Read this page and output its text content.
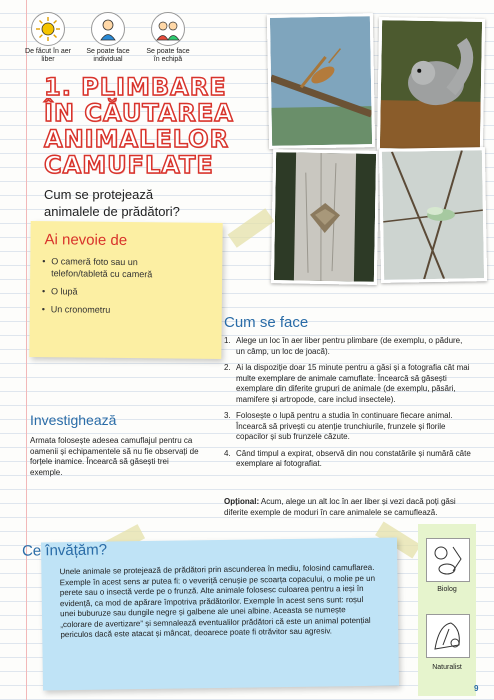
De făcut în aer liber
Se poate face individual
Se poate face în echipă
1. PLIMBARE ÎN CĂUTAREA ANIMALELOR CAMUFLATE
Cum se protejează animalele de prădători?
Ai nevoie de
• O cameră foto sau un telefon/tabletă cu cameră
• O lupă
• Un cronometru
Cum se face
1. Alege un loc în aer liber pentru plimbare (de exemplu, o pădure, un câmp, un loc de joacă).
2. Ai la dispoziție doar 15 minute pentru a găsi și a fotografia cât mai multe exemplare de animale camuflate. Încearcă să găsești exemplare din diferite grupuri de animale (de exemplu, păsări, mamifere și artropode, care includ insectele).
3. Folosește o lupă pentru a studia în continuare fiecare animal. Încearcă să privești cu atenție trunchiurile, frunzele și florile copacilor și sub frunzele căzute.
4. Când timpul a expirat, observă din nou constatările și numără câte exemplare ai fotografiat.
Opțional: Acum, alege un alt loc în aer liber și vezi dacă poți găsi diferite exemple de moduri în care animalele se camuflează.
Investighează
Armata folosește adesea camuflajul pentru ca oamenii și echipamentele să nu fie observați de forțele inamice. Încearcă să găsești trei exemple.
Ce învățăm?
Unele animale se protejează de prădători prin ascunderea în mediu, folosind camuflarea. Exemple în acest sens ar putea fi: o veveriță cenușie pe scoarța copacului, o molie pe un perete sau o insectă verde pe o frunză. Alte animale folosesc culoarea pentru a ieși în evidență, ca mod de apărare împotriva prădătorilor. Exemple în acest sens sunt: roșul unei buburuze sau dungile negre și galbene ale unei albine. Aceasta se numește „colorare de avertizare” și semnalează eventualilor prădători că este un animal potențial periculos dacă este atacat și mâncat, deoarece poate fi otrăvitor sau agresiv.
Biolog
Naturalist
9
